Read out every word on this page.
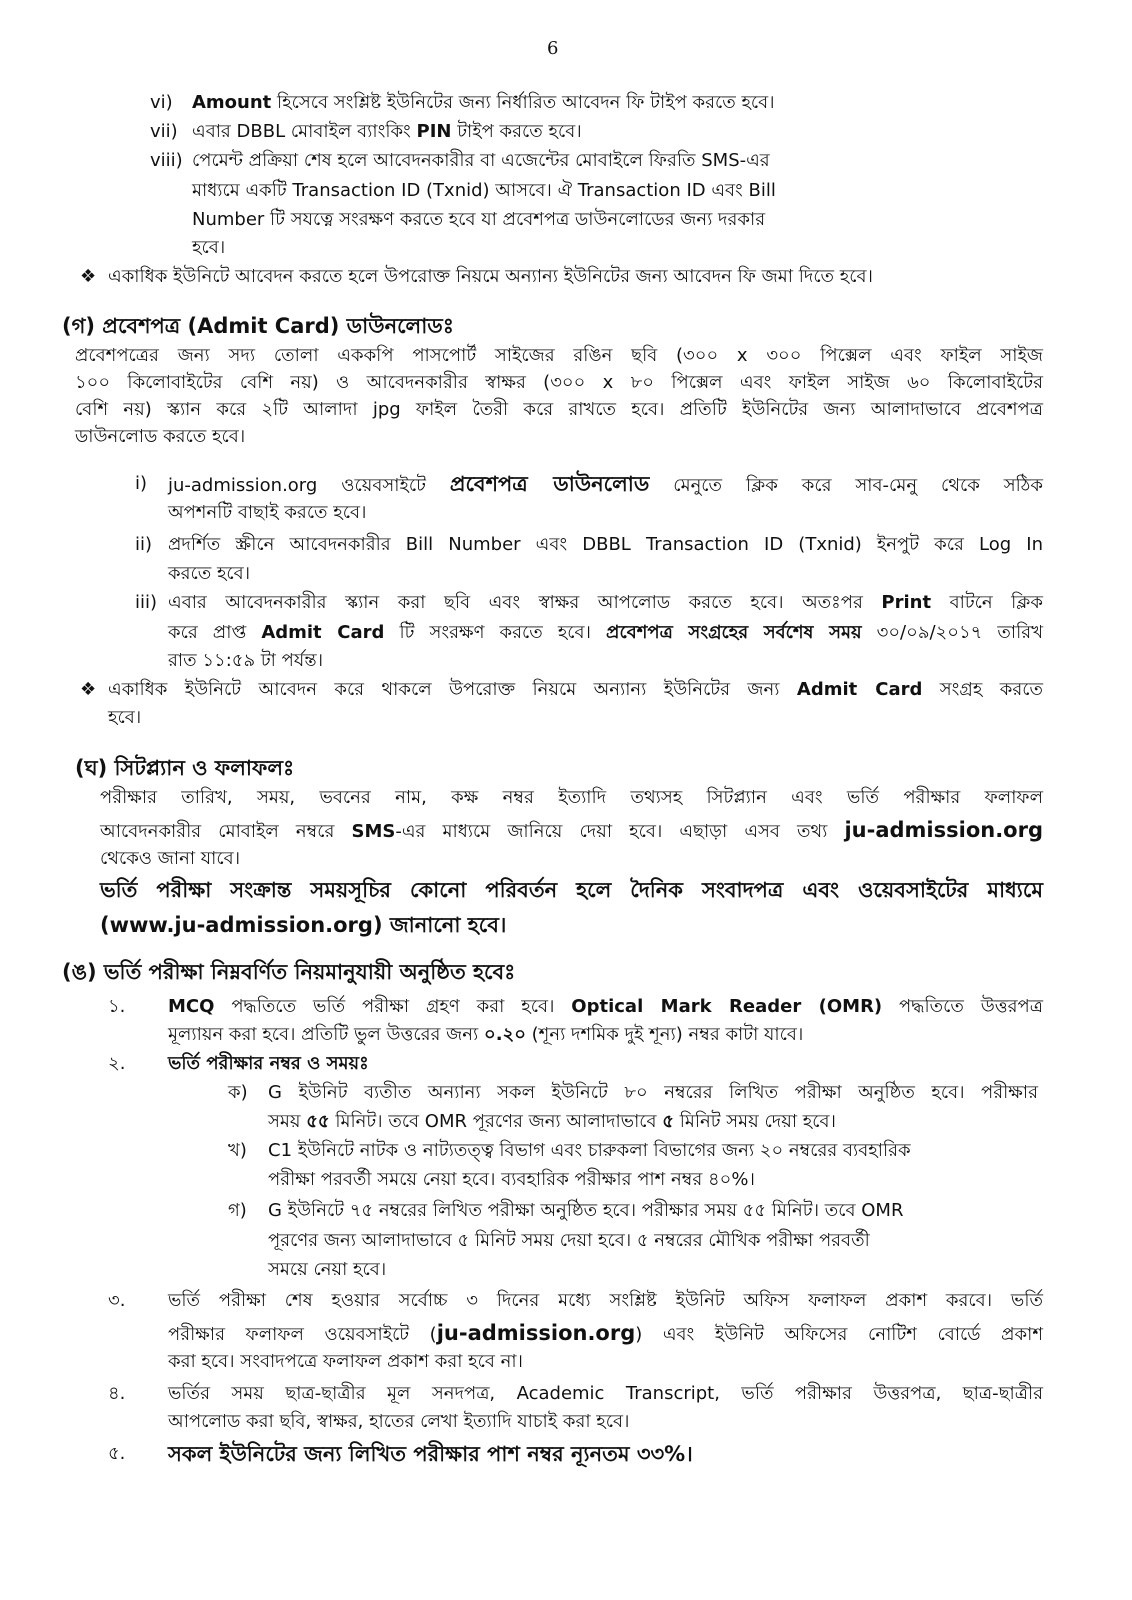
6
vi) Amount হিসেবে সংশ্লিষ্ট ইউনিটের জন্য নির্ধারিত আবেদন ফি টাইপ করতে হবে।
vii) এবার DBBL মোবাইল ব্যাংকিং PIN টাইপ করতে হবে।
viii) পেমেন্ট প্রক্রিয়া শেষ হলে আবেদনকারীর বা এজেন্টের মোবাইলে ফিরতি SMS-এর
মাধ্যমে একটি Transaction ID (Txnid) আসবে। ঐ Transaction ID এবং Bill
Number টি সযত্নে সংরক্ষণ করতে হবে যা প্রবেশপত্র ডাউনলোডের জন্য দরকার
হবে।
❖ একাধিক ইউনিটে আবেদন করতে হলে উপরোক্ত নিয়মে অন্যান্য ইউনিটের জন্য আবেদন ফি জমা দিতে হবে।
(গ) প্রবেশপত্র (Admit Card) ডাউনলোডঃ
প্রবেশপত্রের জন্য সদ্য তোলা এককপি পাসপোর্ট সাইজের রঙিন ছবি (৩০০ x ৩০০ পিক্সেল এবং ফাইল সাইজ
১০০ কিলোবাইটের বেশি নয়) ও আবেদনকারীর স্বাক্ষর (৩০০ x ৮০ পিক্সেল এবং ফাইল সাইজ ৬০ কিলোবাইটের
বেশি নয়) স্ক্যান করে ২টি আলাদা jpg ফাইল তৈরী করে রাখতে হবে। প্রতিটি ইউনিটের জন্য আলাদাভাবে প্রবেশপত্র
ডাউনলোড করতে হবে।
i) ju-admission.org ওয়েবসাইটে প্রবেশপত্র ডাউনলোড মেনুতে ক্লিক করে সাব-মেনু থেকে সঠিক
অপশনটি বাছাই করতে হবে।
ii) প্রদর্শিত স্ক্রীনে আবেদনকারীর Bill Number এবং DBBL Transaction ID (Txnid) ইনপুট করে Log In
করতে হবে।
iii) এবার আবেদনকারীর স্ক্যান করা ছবি এবং স্বাক্ষর আপলোড করতে হবে। অতঃপর Print বাটনে ক্লিক
করে প্রাপ্ত Admit Card টি সংরক্ষণ করতে হবে। প্রবেশপত্র সংগ্রহের সর্বশেষ সময় ৩০/০৯/২০১৭ তারিখ
রাত ১১:৫৯ টা পর্যন্ত।
❖ একাধিক ইউনিটে আবেদন করে থাকলে উপরোক্ত নিয়মে অন্যান্য ইউনিটের জন্য Admit Card সংগ্রহ করতে
হবে।
(ঘ) সিটপ্ল্যান ও ফলাফলঃ
পরীক্ষার তারিখ, সময়, ভবনের নাম, কক্ষ নম্বর ইত্যাদি তথ্যসহ সিটপ্ল্যান এবং ভর্তি পরীক্ষার ফলাফল
আবেদনকারীর মোবাইল নম্বরে SMS-এর মাধ্যমে জানিয়ে দেয়া হবে। এছাড়া এসব তথ্য ju-admission.org
থেকেও জানা যাবে।
ভর্তি পরীক্ষা সংক্রান্ত সময়সূচির কোনো পরিবর্তন হলে দৈনিক সংবাদপত্র এবং ওয়েবসাইটের মাধ্যমে
(www.ju-admission.org) জানানো হবে।
(ঙ) ভর্তি পরীক্ষা নিম্নবর্ণিত নিয়মানুযায়ী অনুষ্ঠিত হবেঃ
১. MCQ পদ্ধতিতে ভর্তি পরীক্ষা গ্রহণ করা হবে। Optical Mark Reader (OMR) পদ্ধতিতে উত্তরপত্র
মূল্যায়ন করা হবে। প্রতিটি ভুল উত্তরের জন্য ০.২০ (শূন্য দশমিক দুই শূন্য) নম্বর কাটা যাবে।
২. ভর্তি পরীক্ষার নম্বর ও সময়ঃ
ক) G ইউনিট ব্যতীত অন্যান্য সকল ইউনিটে ৮০ নম্বরের লিখিত পরীক্ষা অনুষ্ঠিত হবে। পরীক্ষার
সময় ৫৫ মিনিট। তবে OMR পূরণের জন্য আলাদাভাবে ৫ মিনিট সময় দেয়া হবে।
খ) C1 ইউনিটে নাটক ও নাট্যতত্ত্ব বিভাগ এবং চারুকলা বিভাগের জন্য ২০ নম্বরের ব্যবহারিক
পরীক্ষা পরবর্তী সময়ে নেয়া হবে। ব্যবহারিক পরীক্ষার পাশ নম্বর ৪০%।
গ) G ইউনিটে ৭৫ নম্বরের লিখিত পরীক্ষা অনুষ্ঠিত হবে। পরীক্ষার সময় ৫৫ মিনিট। তবে OMR
পূরণের জন্য আলাদাভাবে ৫ মিনিট সময় দেয়া হবে। ৫ নম্বরের মৌখিক পরীক্ষা পরবর্তী
সময়ে নেয়া হবে।
৩. ভর্তি পরীক্ষা শেষ হওয়ার সর্বোচ্চ ৩ দিনের মধ্যে সংশ্লিষ্ট ইউনিট অফিস ফলাফল প্রকাশ করবে। ভর্তি
পরীক্ষার ফলাফল ওয়েবসাইটে (ju-admission.org) এবং ইউনিট অফিসের নোটিশ বোর্ডে প্রকাশ
করা হবে। সংবাদপত্রে ফলাফল প্রকাশ করা হবে না।
৪. ভর্তির সময় ছাত্র-ছাত্রীর মূল সনদপত্র, Academic Transcript, ভর্তি পরীক্ষার উত্তরপত্র, ছাত্র-ছাত্রীর
আপলোড করা ছবি, স্বাক্ষর, হাতের লেখা ইত্যাদি যাচাই করা হবে।
৫. সকল ইউনিটের জন্য লিখিত পরীক্ষার পাশ নম্বর ন্যূনতম ৩৩%।
